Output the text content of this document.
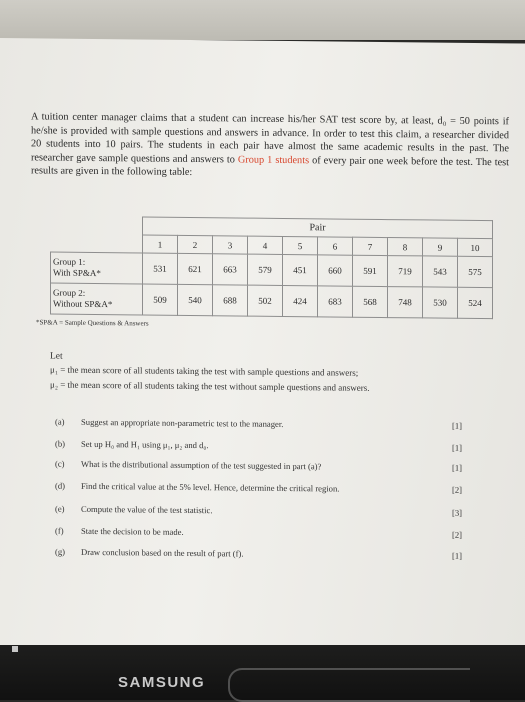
A tuition center manager claims that a student can increase his/her SAT test score by, at least, d₀ = 50 points if he/she is provided with sample questions and answers in advance. In order to test this claim, a researcher divided 20 students into 10 pairs. The students in each pair have almost the same academic results in the past. The researcher gave sample questions and answers to Group 1 students of every pair one week before the test. The test results are given in the following table:
	Pair									
	1	2	3	4	5	6	7	8	9	10
Group 1:
With SP&A*	531	621	663	579	451	660	591	719	543	575
Group 2:
Without SP&A*	509	540	688	502	424	683	568	748	530	524
*SP&A = Sample Questions & Answers
Let
μ₁ = the mean score of all students taking the test with sample questions and answers;
μ₂ = the mean score of all students taking the test without sample questions and answers.
(a) Suggest an appropriate non-parametric test to the manager.	[1]
(b) Set up H₀ and H₁ using μ₁, μ₂ and d₀.	[1]
(c) What is the distributional assumption of the test suggested in part (a)?	[1]
(d) Find the critical value at the 5% level. Hence, determine the critical region.	[2]
(e) Compute the value of the test statistic.	[3]
(f) State the decision to be made.	[2]
(g) Draw conclusion based on the result of part (f).	[1]
SAMSUNG
